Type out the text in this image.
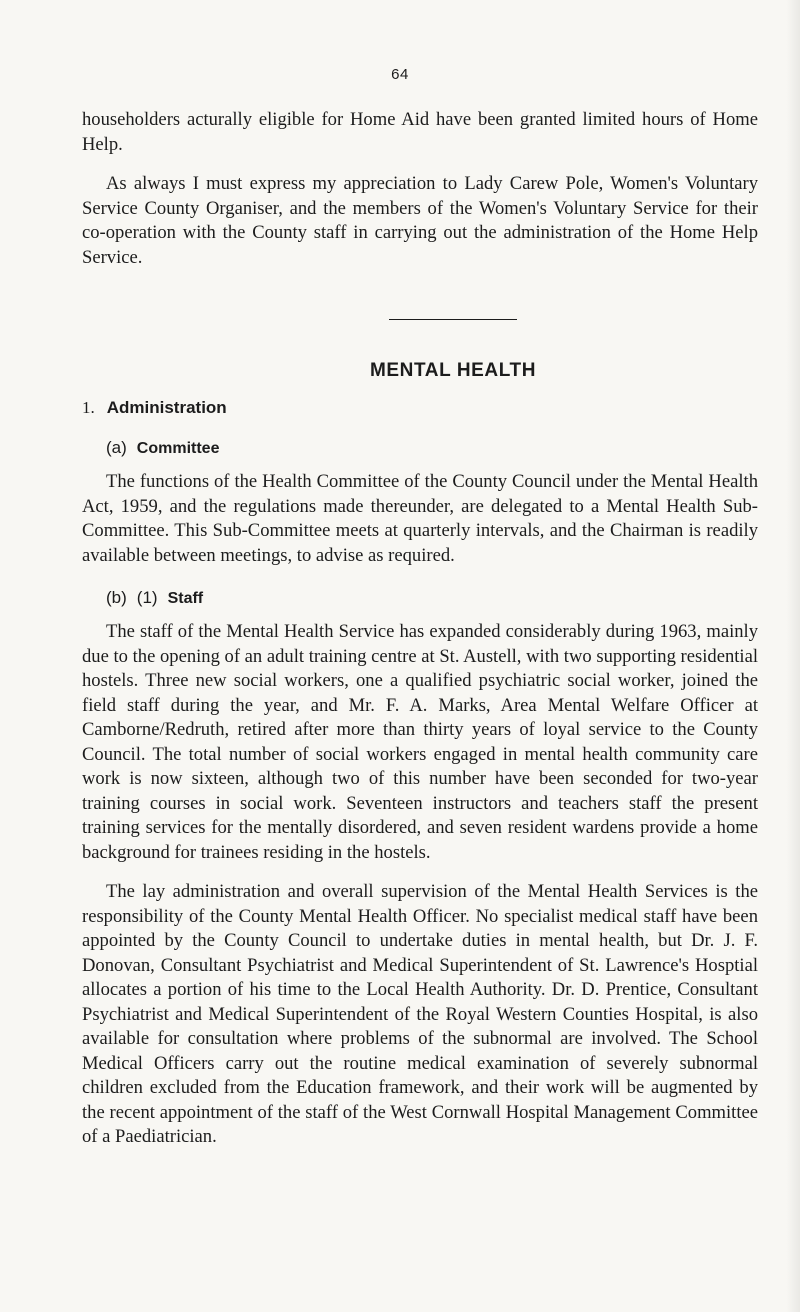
64

householders acturally eligible for Home Aid have been granted limited hours of Home Help.

As always I must express my appreciation to Lady Carew Pole, Women's Voluntary Service County Organiser, and the members of the Women's Voluntary Service for their co-operation with the County staff in carrying out the administration of the Home Help Service.

MENTAL HEALTH
1. Administration
(a) Committee

The functions of the Health Committee of the County Council under the Mental Health Act, 1959, and the regulations made thereunder, are delegated to a Mental Health Sub-Committee. This Sub-Committee meets at quarterly intervals, and the Chairman is readily available between meetings, to advise as required.

(b) (1) Staff

The staff of the Mental Health Service has expanded considerably during 1963, mainly due to the opening of an adult training centre at St. Austell, with two supporting residential hostels. Three new social workers, one a qualified psychiatric social worker, joined the field staff during the year, and Mr. F. A. Marks, Area Mental Welfare Officer at Camborne/Redruth, retired after more than thirty years of loyal service to the County Council. The total number of social workers engaged in mental health community care work is now sixteen, although two of this number have been seconded for two-year training courses in social work. Seventeen instructors and teachers staff the present training services for the mentally disordered, and seven resident wardens provide a home background for trainees residing in the hostels.

The lay administration and overall supervision of the Mental Health Services is the responsibility of the County Mental Health Officer. No specialist medical staff have been appointed by the County Council to undertake duties in mental health, but Dr. J. F. Donovan, Consultant Psychiatrist and Medical Superintendent of St. Lawrence's Hosptial allocates a portion of his time to the Local Health Authority. Dr. D. Prentice, Consultant Psychiatrist and Medical Superintendent of the Royal Western Counties Hospital, is also available for consultation where problems of the subnormal are involved. The School Medical Officers carry out the routine medical examination of severely subnormal children excluded from the Education framework, and their work will be augmented by the recent appointment of the staff of the West Cornwall Hospital Management Committee of a Paediatrician.
